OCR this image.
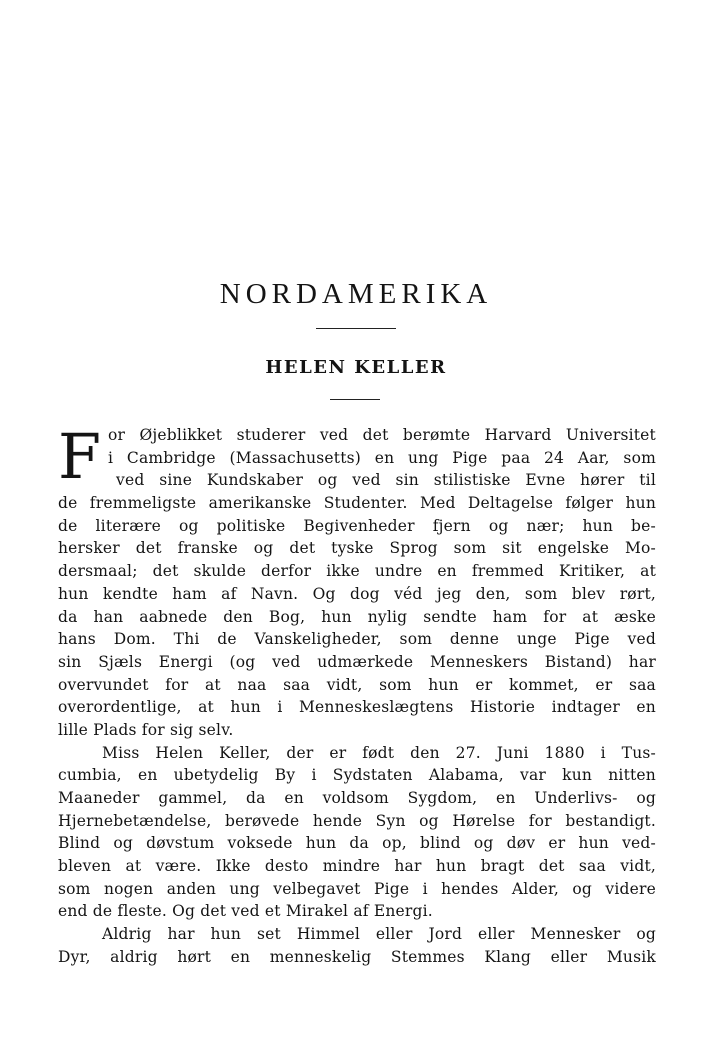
NORDAMERIKA
HELEN KELLER
F or Øjeblikket studerer ved det berømte Harvard Universitet
i Cambridge (Massachusetts) en ung Pige paa 24 Aar, som
ved sine Kundskaber og ved sin stilistiske Evne hører til
de fremmeligste amerikanske Studenter. Med Deltagelse følger hun
de literære og politiske Begivenheder fjern og nær; hun be-
hersker det franske og det tyske Sprog som sit engelske Mo-
dersmaal; det skulde derfor ikke undre en fremmed Kritiker, at
hun kendte ham af Navn. Og dog véd jeg den, som blev rørt,
da han aabnede den Bog, hun nylig sendte ham for at æske
hans Dom. Thi de Vanskeligheder, som denne unge Pige ved
sin Sjæls Energi (og ved udmærkede Menneskers Bistand) har
overvundet for at naa saa vidt, som hun er kommet, er saa
overordentlige, at hun i Menneskeslægtens Historie indtager en
lille Plads for sig selv.
Miss Helen Keller, der er født den 27. Juni 1880 i Tus-
cumbia, en ubetydelig By i Sydstaten Alabama, var kun nitten
Maaneder gammel, da en voldsom Sygdom, en Underlivs- og
Hjernebetændelse, berøvede hende Syn og Hørelse for bestandigt.
Blind og døvstum voksede hun da op, blind og døv er hun ved-
bleven at være. Ikke desto mindre har hun bragt det saa vidt,
som nogen anden ung velbegavet Pige i hendes Alder, og videre
end de fleste. Og det ved et Mirakel af Energi.
Aldrig har hun set Himmel eller Jord eller Mennesker og
Dyr, aldrig hørt en menneskelig Stemmes Klang eller Musik
